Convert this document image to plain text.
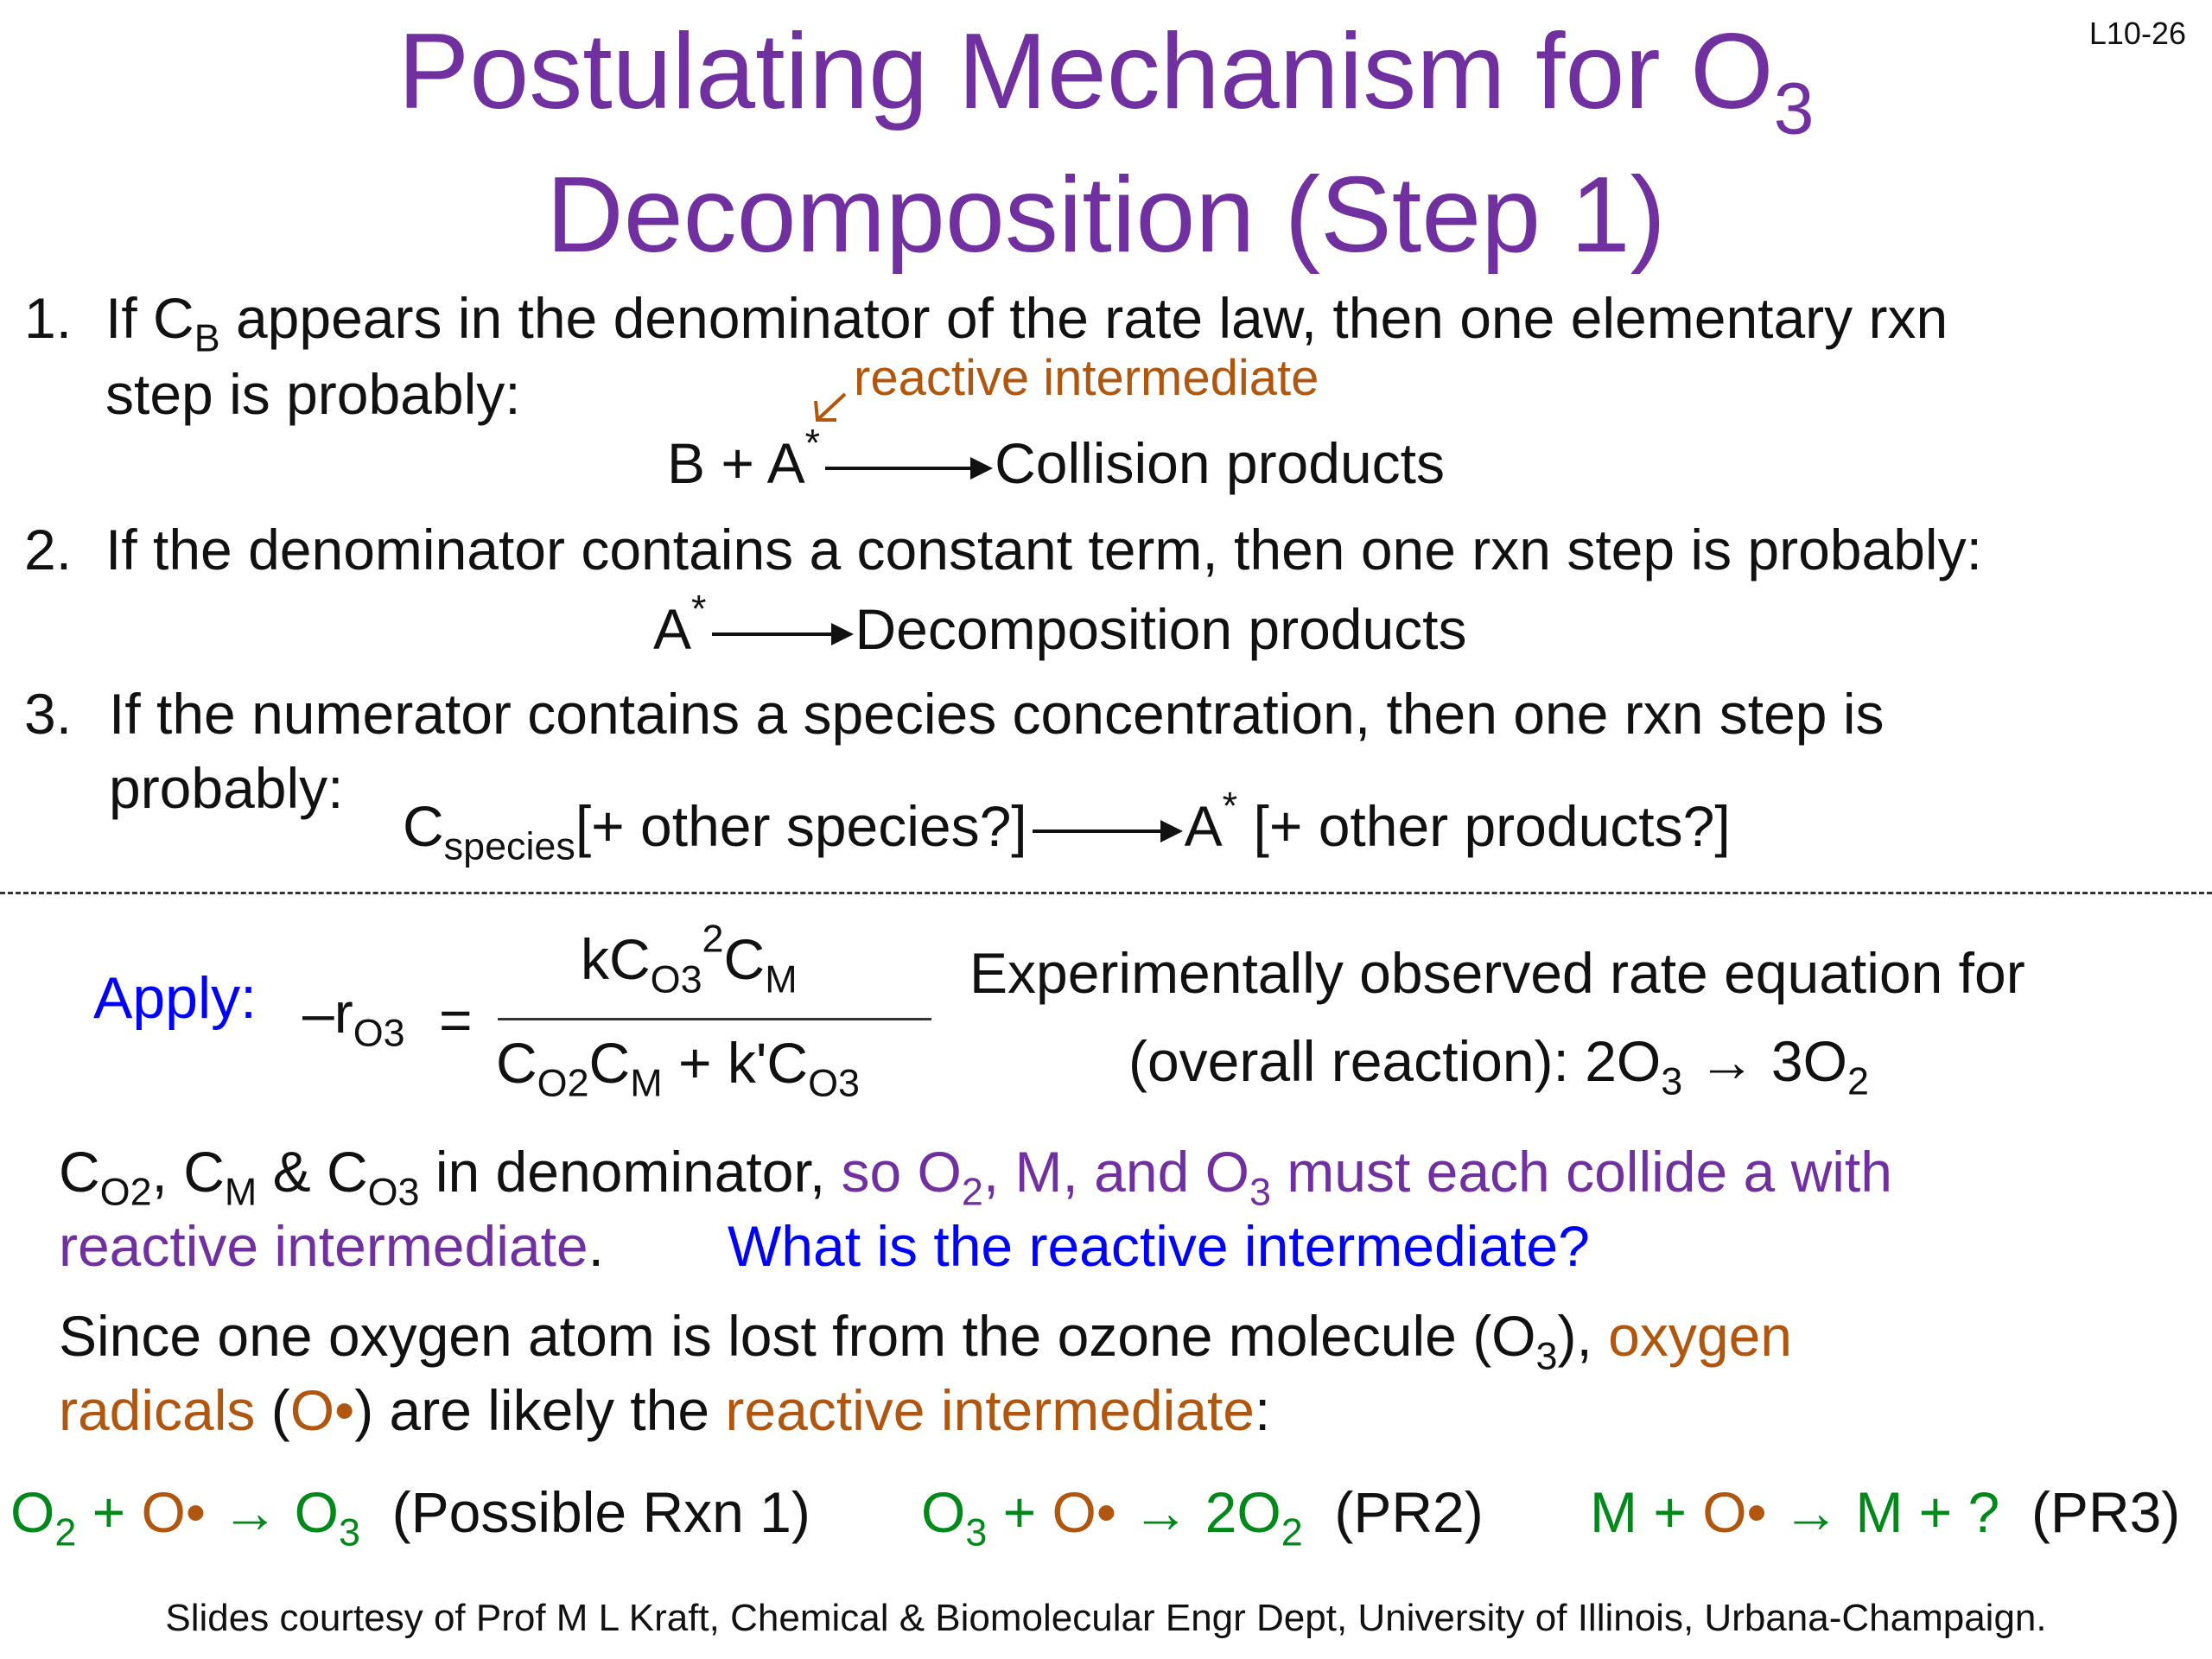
Postulating Mechanism for $O_3$
Decomposition (Step 1)
L10-26
1. If $C_B$ appears in the denominator of the rate law, then one elementary rxn
step is probably:	reactive intermediate
B + A* → Collision products
2. If the denominator contains a constant term, then one rxn step is probably:
A* → Decomposition products
3. If the numerator contains a species concentration, then one rxn step is
probably:
$C_{species}[+$ other species?] → A* [+ other products?]
Apply: $-r_{O3}$ =
$kC_{O3}^2C_M$
$C_{O2}C_M + k'C_{O3}$
Experimentally observed rate equation for
(overall reaction): $2O_3 \to 3O_2$
$C_{O2}$, $C_M$ & $C_{O3}$ in denominator, so $O_2$, M, and $O_3$ must each collide a with
reactive intermediate. What is the reactive intermediate?
Since one oxygen atom is lost from the ozone molecule $(O_3)$, oxygen
radicals (O•) are likely the reactive intermediate:
$O_2$ + O• → $O_3$ (Possible Rxn 1) $O_3$ + O• → $2O_2$ (PR2) M + O• → M + ? (PR3)
Slides courtesy of Prof M L Kraft, Chemical & Biomolecular Engr Dept, University of Illinois, Urbana-Champaign.
